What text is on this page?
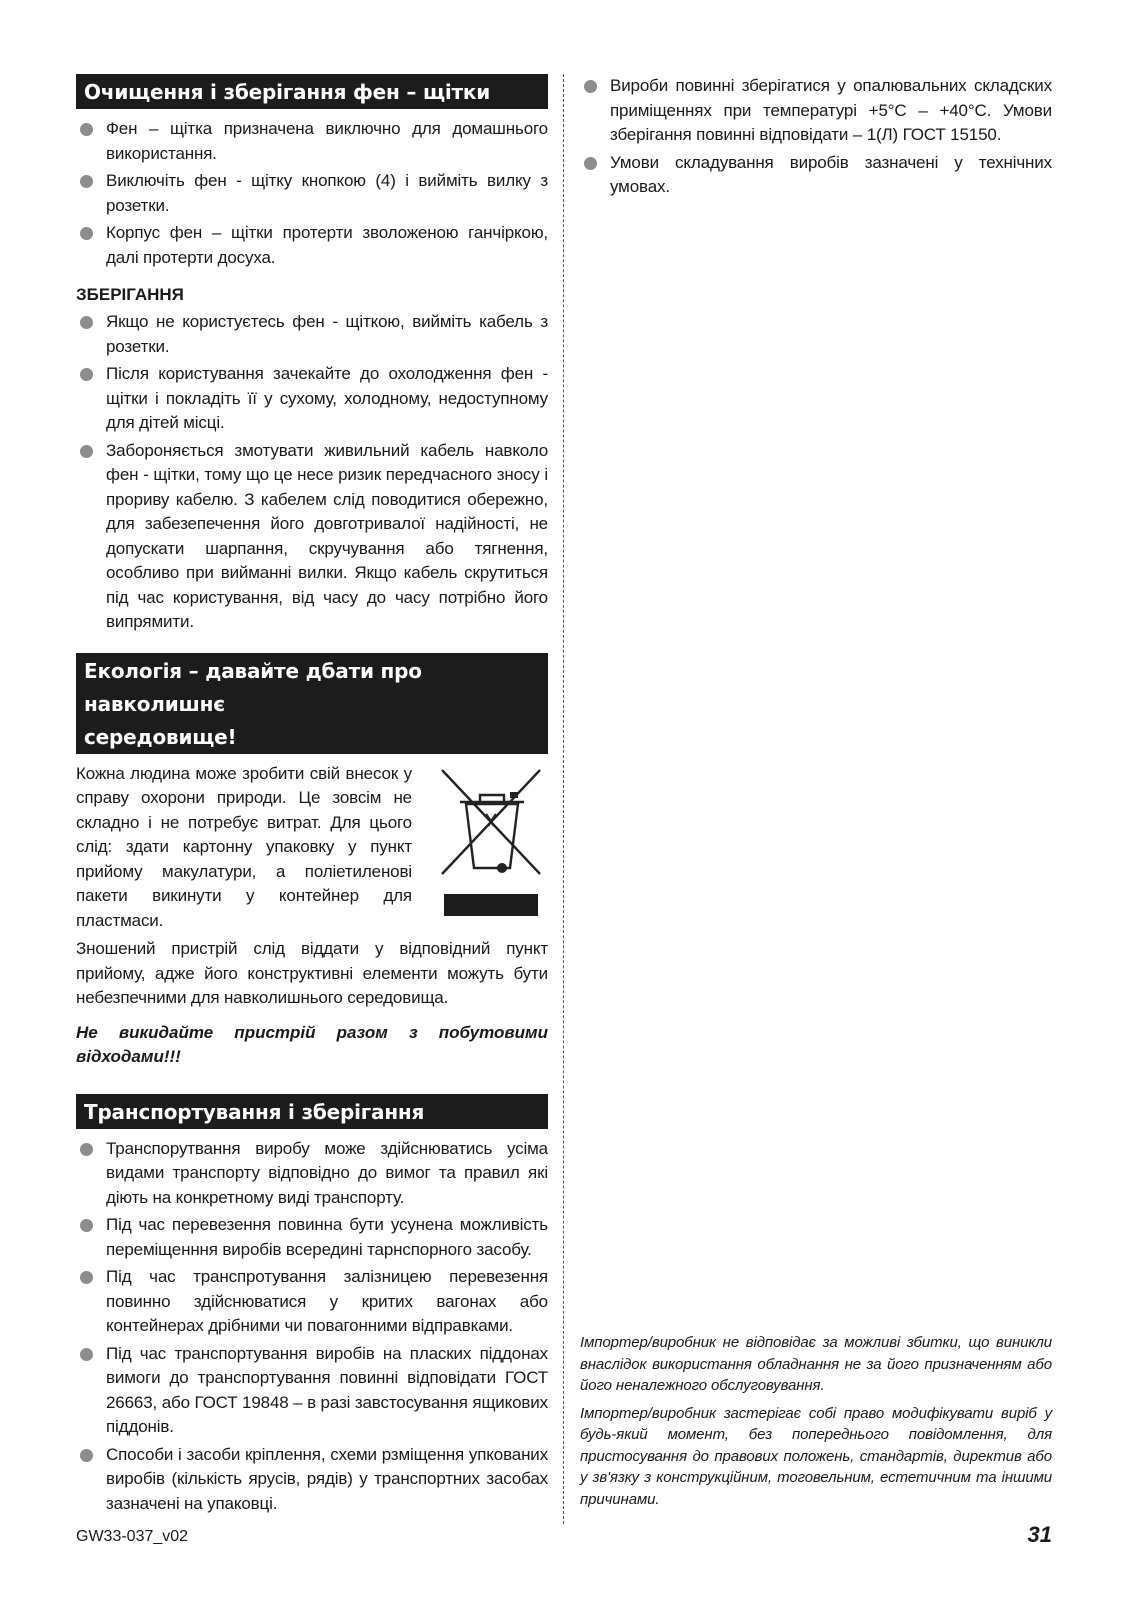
Очищення і зберігання фен – щітки
Фен – щітка призначена виключно для домашнього використання.
Виключіть фен - щітку кнопкою (4) і вийміть вилку з розетки.
Корпус фен – щітки протерти зволоженою ганчіркою, далі протерти досуха.
ЗБЕРІГАННЯ
Якщо не користуєтесь фен - щіткою, вийміть кабель з розетки.
Після користування зачекайте до охолодження фен - щітки і покладіть її у сухому, холодному, недоступному для дітей місці.
Забороняється змотувати живильний кабель навколо фен - щітки, тому що це несе ризик передчасного зносу і прориву кабелю. З кабелем слід поводитися обережно, для забезепечення його довготривалої надійності, не допускати шарпання, скручування або тягнення, особливо при вийманні вилки. Якщо кабель скрутиться під час користування, від часу до часу потрібно його випрямити.
Екологія – давайте дбати про навколишнє
середовище!

Кожна людина може зробити свій внесок у справу охорони природи. Це зовсім не складно і не потребує витрат. Для цього слід: здати картонну упаковку у пункт прийому макулатури, а поліетиленові пакети викинути у контейнер для пластмаси.

Зношений пристрій слід віддати у відповідний пункт прийому, адже його конструктивні елементи можуть бути небезпечними для навколишнього середовища.

Не викидайте пристрій разом з побутовими відходами!!!

Транспортування і зберігання
Транспорутвання виробу може здійснюватись усіма видами транспорту відповідно до вимог та правил які діють на конкретному виді транспорту.
Під час перевезення повинна бути усунена можливість переміщенння виробів всередині тарнспорного засобу.
Під час транспротування залізницею перевезення повинно здійснюватися у критих вагонах або контейнерах дрібними чи повагонними відправками.
Під час транспортування виробів на пласких піддонах вимоги до транспортування повинні відповідати ГОСТ 26663, або ГОСТ 19848 – в разі завстосування ящикових піддонів.
Способи і засоби кріплення, схеми рзміщення упкованих виробів (кількість ярусів, рядів) у транспортних засобах зазначені на упаковці.
Вироби повинні зберігатися у опалювальних складских приміщеннях при температурі +5°C – +40°C. Умови зберігання повинні відповідати – 1(Л) ГОСТ 15150.
Умови складування виробів зазначені у технічних умовах.

Імпортер/виробник не відповідає за можливі збитки, що виникли внаслідок використання обладнання не за його призначенням або його неналежного обслуговування.

Імпортер/виробник застерігає собі право модифікувати виріб у будь-який момент, без попереднього повідомлення, для пристосування до правових положень, стандартів, директив або у зв'язку з конструкційним, тоговельним, естетичним та іншими причинами.

GW33-037_v02	31
